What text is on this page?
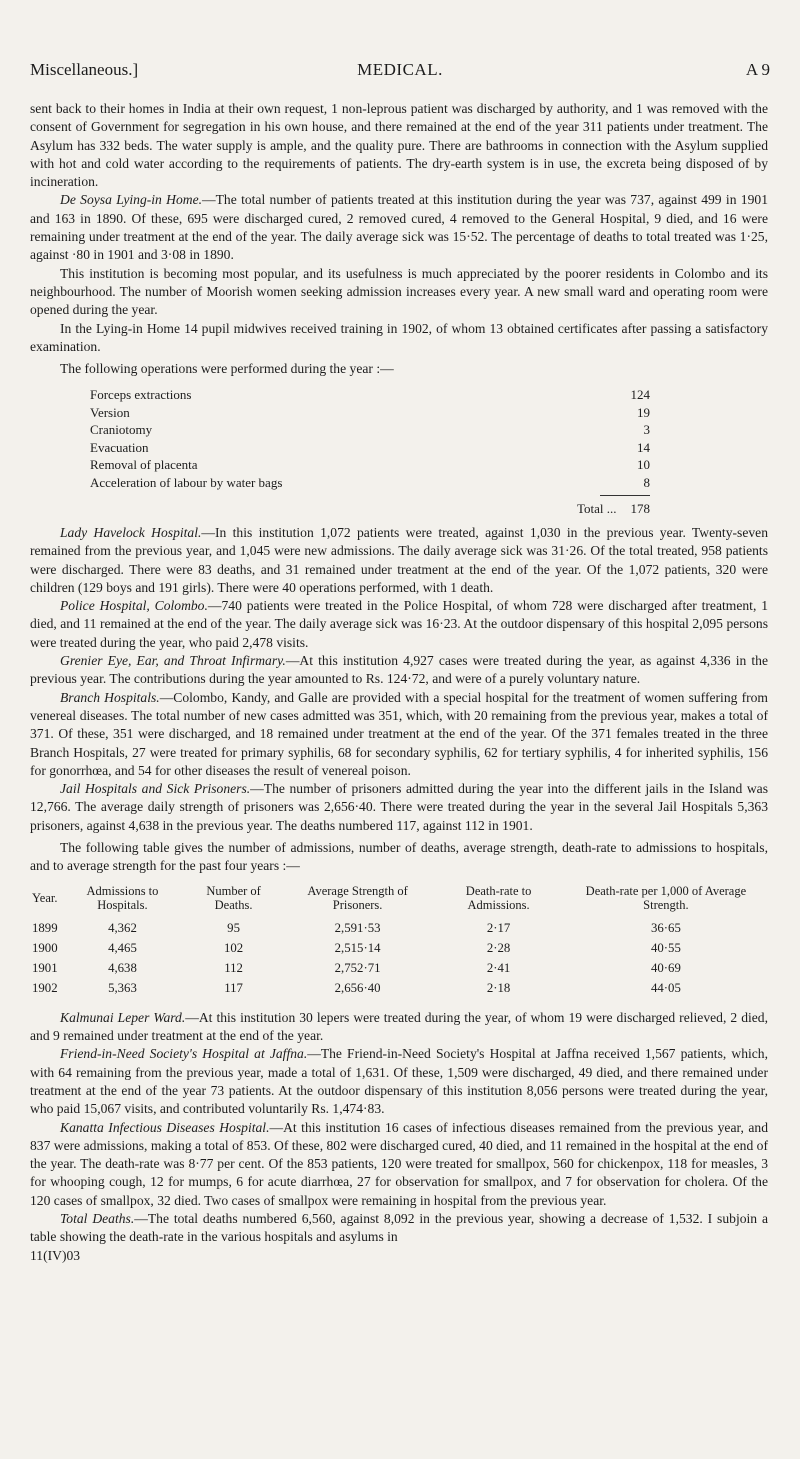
Miscellaneous.]	MEDICAL.	A 9

sent back to their homes in India at their own request, 1 non-leprous patient was discharged by authority, and 1 was removed with the consent of Government for segregation in his own house, and there remained at the end of the year 311 patients under treatment. The Asylum has 332 beds. The water supply is ample, and the quality pure. There are bathrooms in connection with the Asylum supplied with hot and cold water according to the requirements of patients. The dry-earth system is in use, the excreta being disposed of by incineration.

De Soysa Lying-in Home.—The total number of patients treated at this institution during the year was 737, against 499 in 1901 and 163 in 1890. Of these, 695 were discharged cured, 2 removed cured, 4 removed to the General Hospital, 9 died, and 16 were remaining under treatment at the end of the year. The daily average sick was 15·52. The percentage of deaths to total treated was 1·25, against ·80 in 1901 and 3·08 in 1890.

This institution is becoming most popular, and its usefulness is much appreciated by the poorer residents in Colombo and its neighbourhood. The number of Moorish women seeking admission increases every year. A new small ward and operating room were opened during the year.

In the Lying-in Home 14 pupil midwives received training in 1902, of whom 13 obtained certificates after passing a satisfactory examination.

The following operations were performed during the year :—

Forceps extractions	124
Version	19
Craniotomy	3
Evacuation	14
Removal of placenta	10
Acceleration of labour by water bags	8
Total ... 178

Lady Havelock Hospital.—In this institution 1,072 patients were treated, against 1,030 in the previous year. Twenty-seven remained from the previous year, and 1,045 were new admissions. The daily average sick was 31·26. Of the total treated, 958 patients were discharged. There were 83 deaths, and 31 remained under treatment at the end of the year. Of the 1,072 patients, 320 were children (129 boys and 191 girls). There were 40 operations performed, with 1 death.

Police Hospital, Colombo.—740 patients were treated in the Police Hospital, of whom 728 were discharged after treatment, 1 died, and 11 remained at the end of the year. The daily average sick was 16·23. At the outdoor dispensary of this hospital 2,095 persons were treated during the year, who paid 2,478 visits.

Grenier Eye, Ear, and Throat Infirmary.—At this institution 4,927 cases were treated during the year, as against 4,336 in the previous year. The contributions during the year amounted to Rs. 124·72, and were of a purely voluntary nature.

Branch Hospitals.—Colombo, Kandy, and Galle are provided with a special hospital for the treatment of women suffering from venereal diseases. The total number of new cases admitted was 351, which, with 20 remaining from the previous year, makes a total of 371. Of these, 351 were discharged, and 18 remained under treatment at the end of the year. Of the 371 females treated in the three Branch Hospitals, 27 were treated for primary syphilis, 68 for secondary syphilis, 62 for tertiary syphilis, 4 for inherited syphilis, 156 for gonorrhœa, and 54 for other diseases the result of venereal poison.

Jail Hospitals and Sick Prisoners.—The number of prisoners admitted during the year into the different jails in the Island was 12,766. The average daily strength of prisoners was 2,656·40. There were treated during the year in the several Jail Hospitals 5,363 prisoners, against 4,638 in the previous year. The deaths numbered 117, against 112 in 1901.

The following table gives the number of admissions, number of deaths, average strength, death-rate to admissions to hospitals, and to average strength for the past four years :—

Year.	Admissions to Hospitals.	Number of Deaths.	Average Strength of Prisoners.	Death-rate to Admissions.	Death-rate per 1,000 of Average Strength.
1899	4,362	95	2,591·53	2·17	36·65
1900	4,465	102	2,515·14	2·28	40·55
1901	4,638	112	2,752·71	2·41	40·69
1902	5,363	117	2,656·40	2·18	44·05

Kalmunai Leper Ward.—At this institution 30 lepers were treated during the year, of whom 19 were discharged relieved, 2 died, and 9 remained under treatment at the end of the year.

Friend-in-Need Society's Hospital at Jaffna.—The Friend-in-Need Society's Hospital at Jaffna received 1,567 patients, which, with 64 remaining from the previous year, made a total of 1,631. Of these, 1,509 were discharged, 49 died, and there remained under treatment at the end of the year 73 patients. At the outdoor dispensary of this institution 8,056 persons were treated during the year, who paid 15,067 visits, and contributed voluntarily Rs. 1,474·83.

Kanatta Infectious Diseases Hospital.—At this institution 16 cases of infectious diseases remained from the previous year, and 837 were admissions, making a total of 853. Of these, 802 were discharged cured, 40 died, and 11 remained in the hospital at the end of the year. The death-rate was 8·77 per cent. Of the 853 patients, 120 were treated for smallpox, 560 for chickenpox, 118 for measles, 3 for whooping cough, 12 for mumps, 6 for acute diarrhœa, 27 for observation for smallpox, and 7 for observation for cholera. Of the 120 cases of smallpox, 32 died. Two cases of smallpox were remaining in hospital from the previous year.

Total Deaths.—The total deaths numbered 6,560, against 8,092 in the previous year, showing a decrease of 1,532. I subjoin a table showing the death-rate in the various hospitals and asylums in

11(IV)03
